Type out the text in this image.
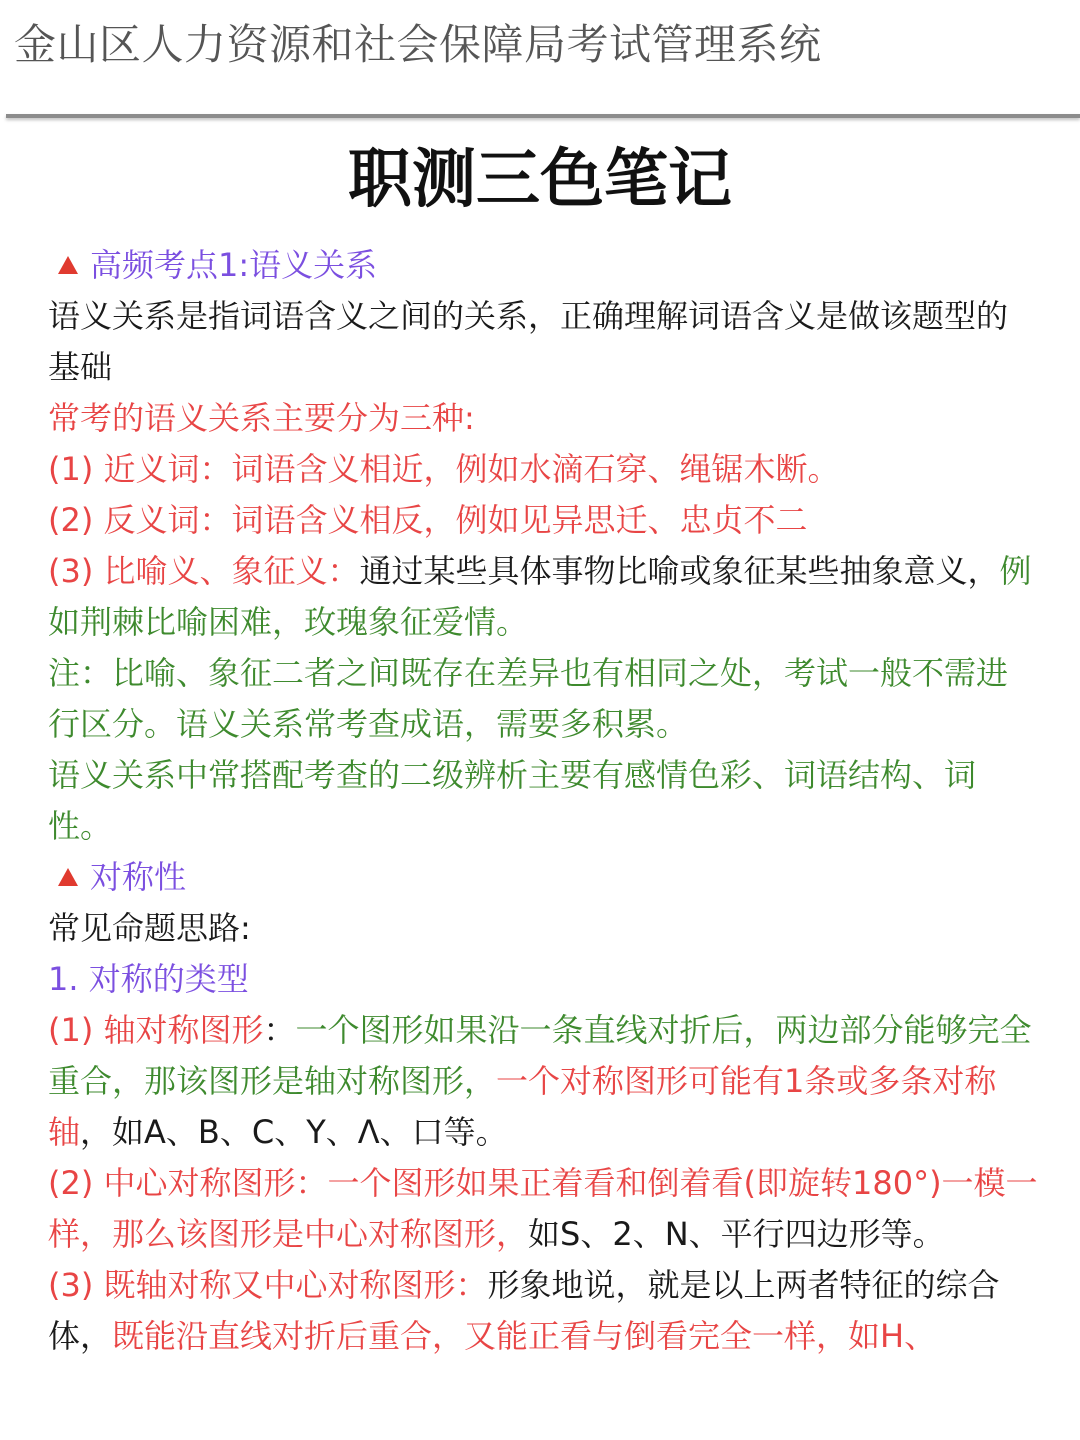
金山区人力资源和社会保障局考试管理系统
职测三色笔记

高频考点1:语义关系

语义关系是指词语含义之间的关系，正确理解词语含义是做该题型的基础

常考的语义关系主要分为三种:

(1) 近义词：词语含义相近，例如水滴石穿、绳锯木断。

(2) 反义词：词语含义相反，例如见异思迁、忠贞不二

(3) 比喻义、象征义：通过某些具体事物比喻或象征某些抽象意义，例如荆棘比喻困难，玫瑰象征爱情。

注：比喻、象征二者之间既存在差异也有相同之处，考试一般不需进行区分。语义关系常考查成语，需要多积累。

语义关系中常搭配考查的二级辨析主要有感情色彩、词语结构、词性。

对称性

常见命题思路:

1. 对称的类型

(1) 轴对称图形：一个图形如果沿一条直线对折后，两边部分能够完全重合，那该图形是轴对称图形，一个对称图形可能有1条或多条对称轴，如A、B、C、Y、Λ、口等。

(2) 中心对称图形：一个图形如果正着看和倒着看(即旋转180°)一模一样，那么该图形是中心对称图形，如S、2、N、平行四边形等。

(3) 既轴对称又中心对称图形：形象地说，就是以上两者特征的综合体，既能沿直线对折后重合，又能正看与倒看完全一样，如H、
